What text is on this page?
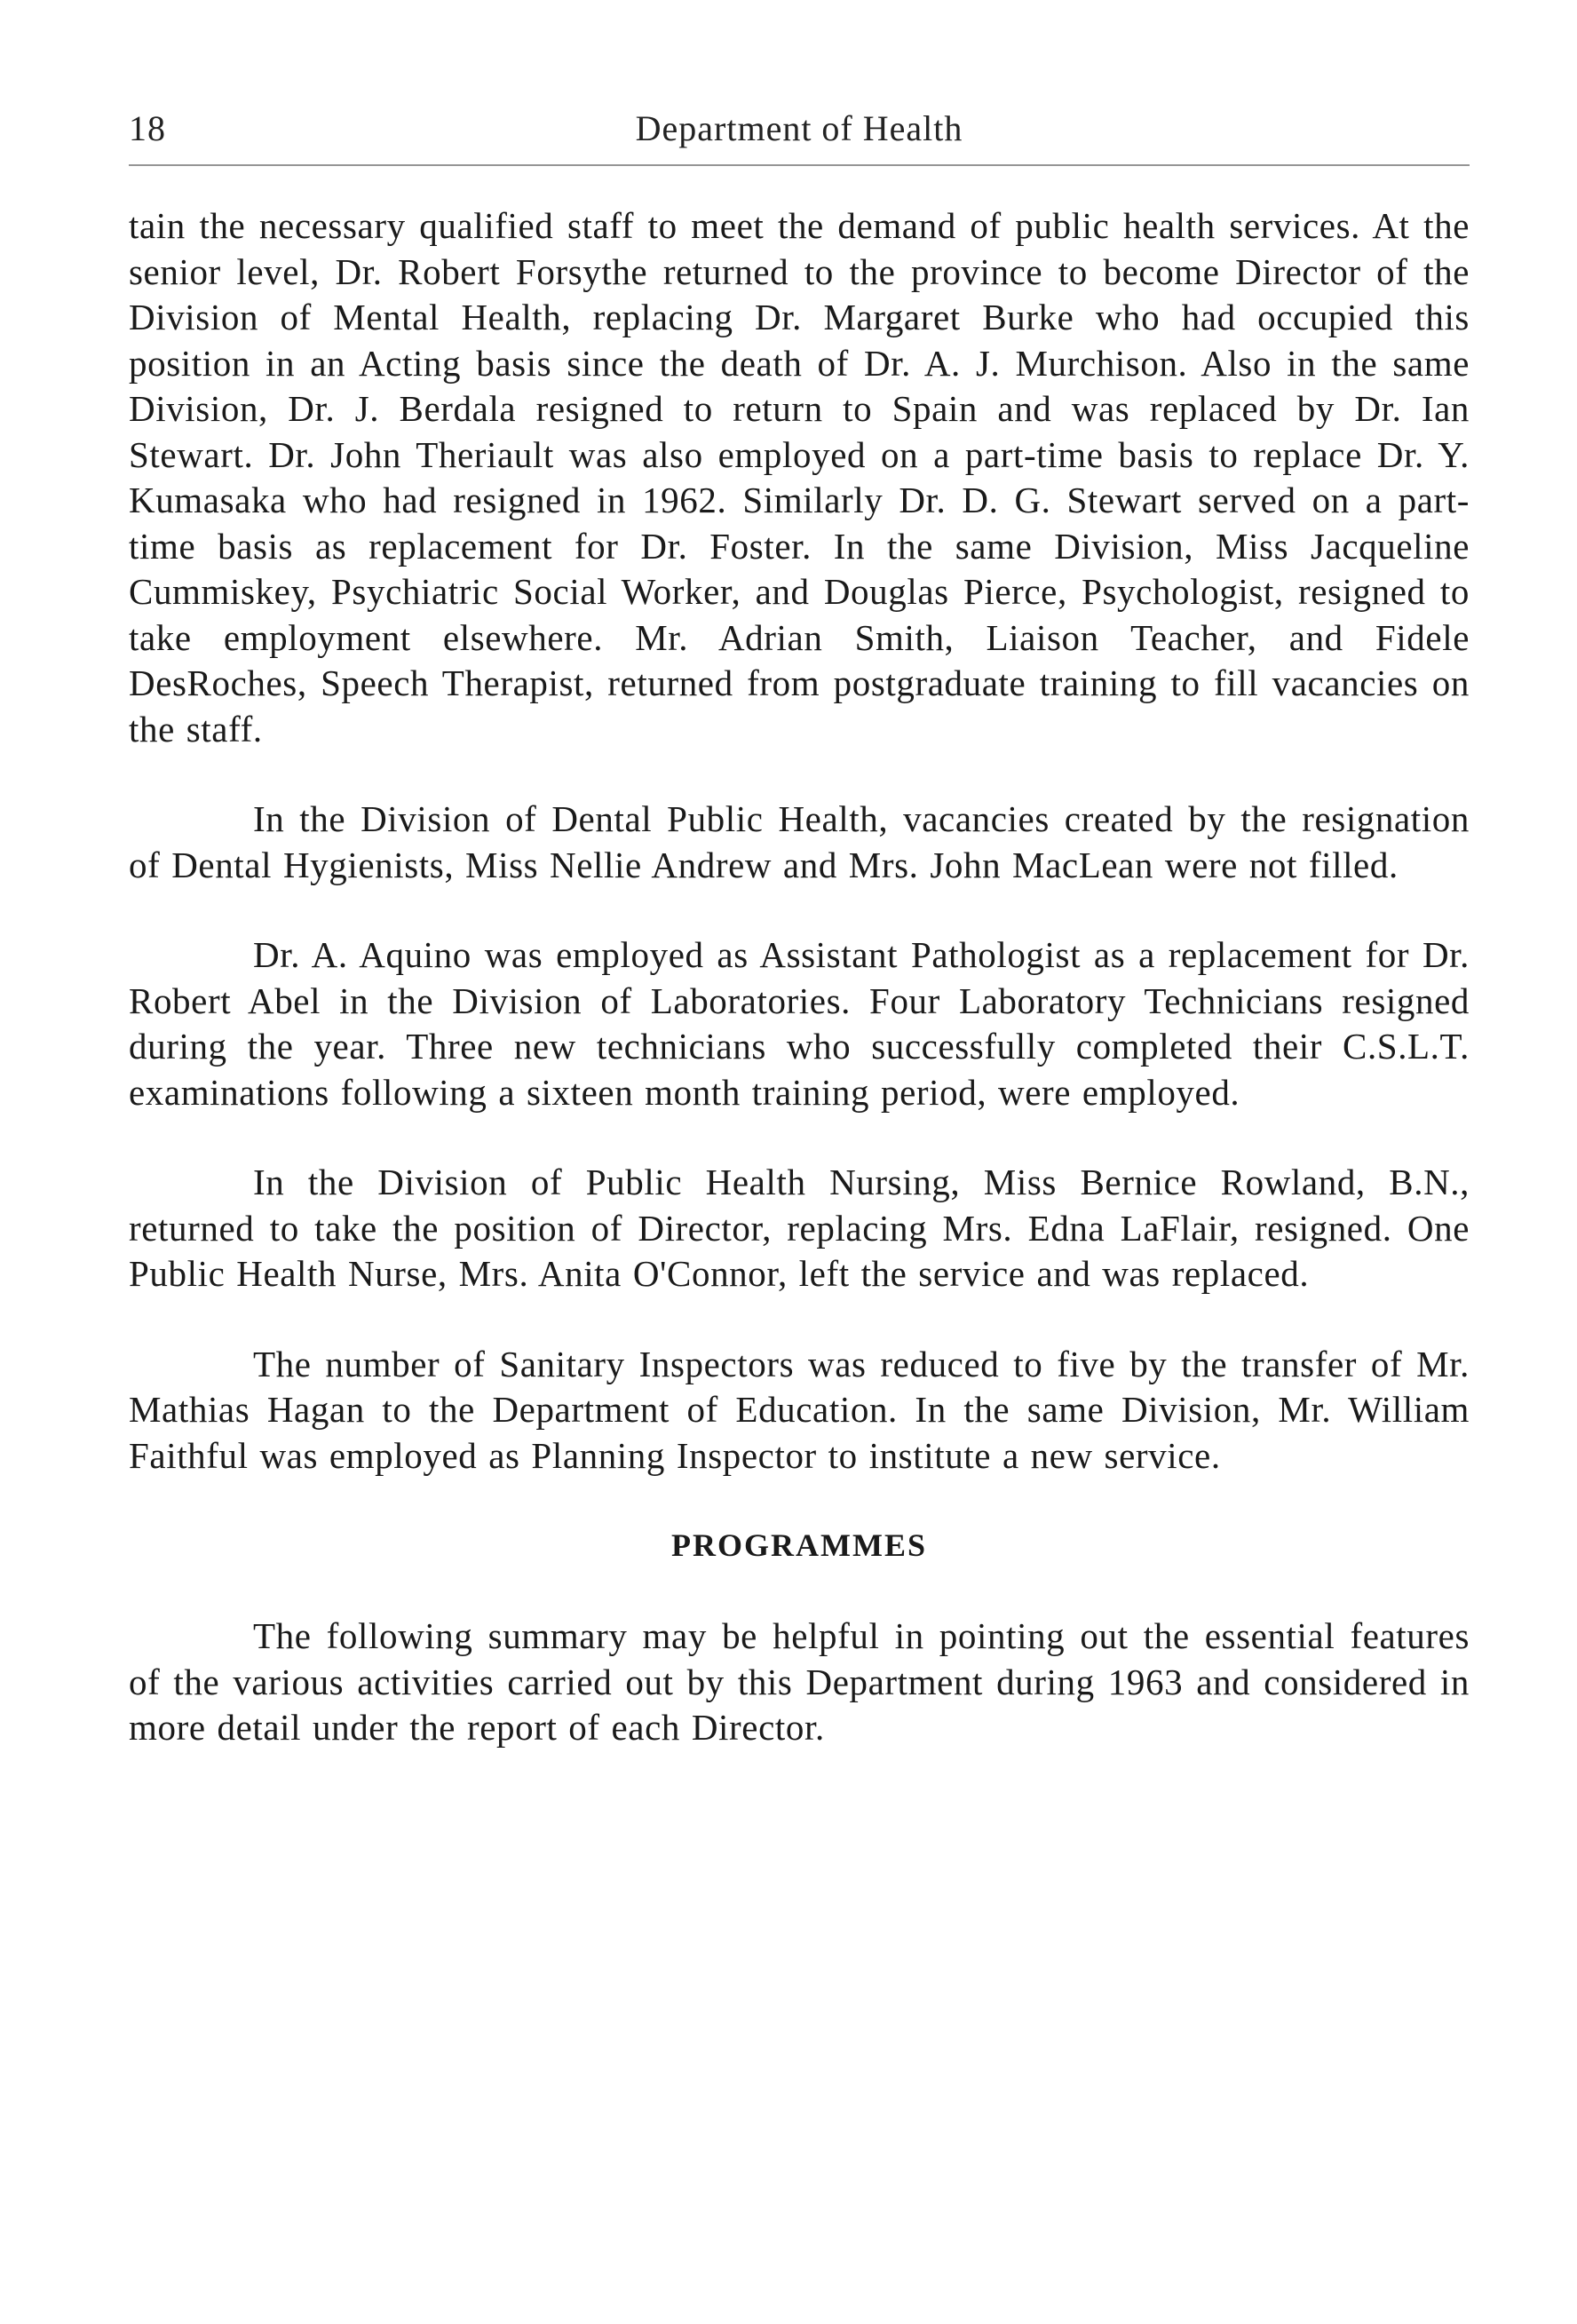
18	Department of Health

tain the necessary qualified staff to meet the demand of public health services. At the senior level, Dr. Robert Forsythe returned to the province to become Director of the Division of Mental Health, replacing Dr. Margaret Burke who had occupied this position in an Acting basis since the death of Dr. A. J. Murchison. Also in the same Division, Dr. J. Berdala resigned to return to Spain and was replaced by Dr. Ian Stewart. Dr. John Theriault was also employed on a part-time basis to replace Dr. Y. Kumasaka who had resigned in 1962. Similarly Dr. D. G. Stewart served on a part-time basis as replacement for Dr. Foster. In the same Division, Miss Jacqueline Cummiskey, Psychiatric Social Worker, and Douglas Pierce, Psychologist, resigned to take employment elsewhere. Mr. Adrian Smith, Liaison Teacher, and Fidele DesRoches, Speech Therapist, returned from postgraduate training to fill vacancies on the staff.

In the Division of Dental Public Health, vacancies created by the resignation of Dental Hygienists, Miss Nellie Andrew and Mrs. John MacLean were not filled.

Dr. A. Aquino was employed as Assistant Pathologist as a replacement for Dr. Robert Abel in the Division of Laboratories. Four Laboratory Technicians resigned during the year. Three new technicians who successfully completed their C.S.L.T. examinations following a sixteen month training period, were employed.

In the Division of Public Health Nursing, Miss Bernice Rowland, B.N., returned to take the position of Director, replacing Mrs. Edna LaFlair, resigned. One Public Health Nurse, Mrs. Anita O'Connor, left the service and was replaced.

The number of Sanitary Inspectors was reduced to five by the transfer of Mr. Mathias Hagan to the Department of Education. In the same Division, Mr. William Faithful was employed as Planning Inspector to institute a new service.

PROGRAMMES

The following summary may be helpful in pointing out the essential features of the various activities carried out by this Department during 1963 and considered in more detail under the report of each Director.
